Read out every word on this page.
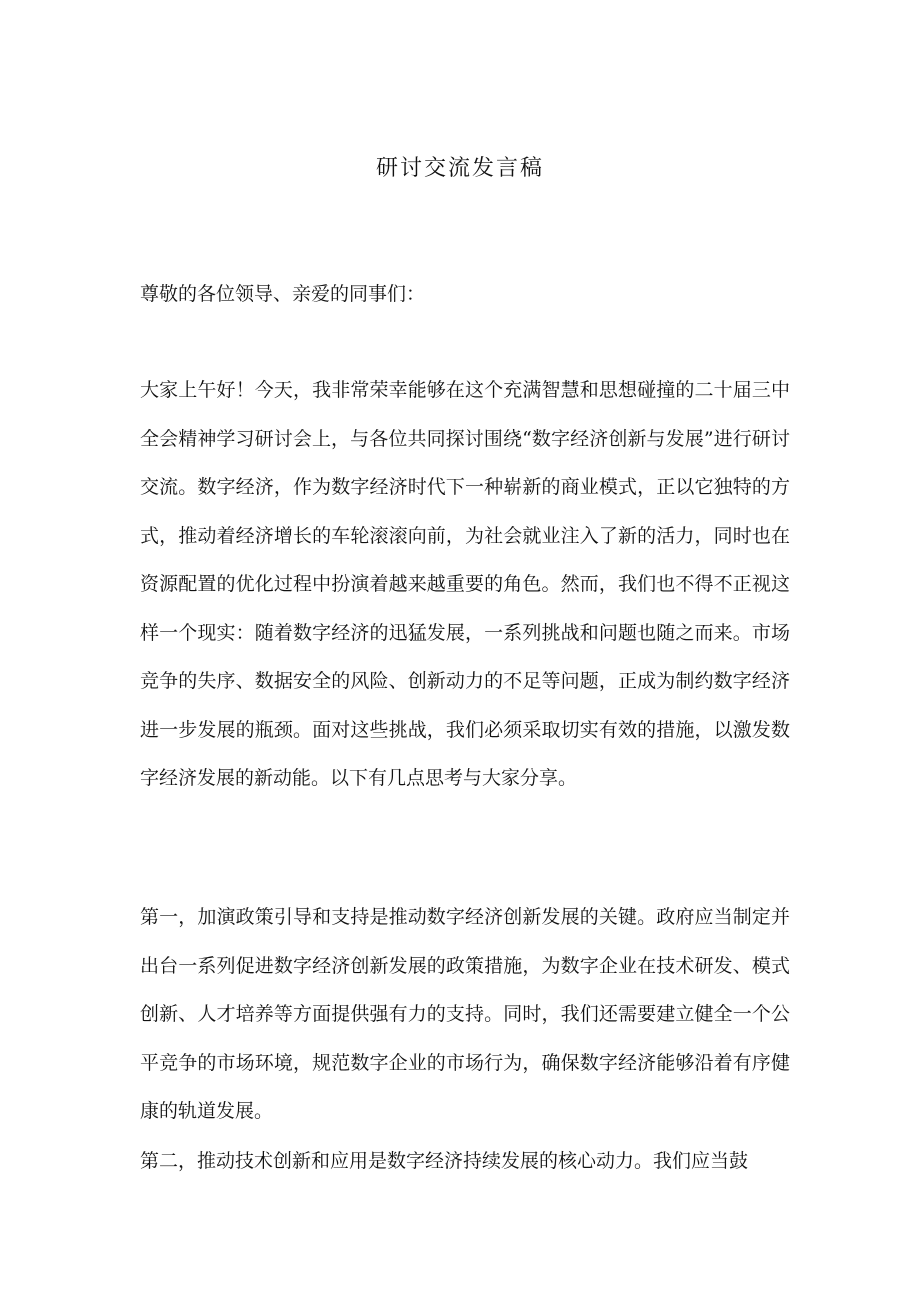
研讨交流发言稿
尊敬的各位领导、亲爱的同事们：
大家上午好！今天，我非常荣幸能够在这个充满智慧和思想碰撞的二十届三中全会精神学习研讨会上，与各位共同探讨围绕“数字经济创新与发展”进行研讨交流。数字经济，作为数字经济时代下一种崭新的商业模式，正以它独特的方式，推动着经济增长的车轮滚滚向前，为社会就业注入了新的活力，同时也在资源配置的优化过程中扮演着越来越重要的角色。然而，我们也不得不正视这样一个现实：随着数字经济的迅猛发展，一系列挑战和问题也随之而来。市场竞争的失序、数据安全的风险、创新动力的不足等问题，正成为制约数字经济进一步发展的瓶颈。面对这些挑战，我们必须采取切实有效的措施，以激发数字经济发展的新动能。以下有几点思考与大家分享。
第一，加演政策引导和支持是推动数字经济创新发展的关键。政府应当制定并出台一系列促进数字经济创新发展的政策措施，为数字企业在技术研发、模式创新、人才培养等方面提供强有力的支持。同时，我们还需要建立健全一个公平竞争的市场环境，规范数字企业的市场行为，确保数字经济能够沿着有序健康的轨道发展。
第二，推动技术创新和应用是数字经济持续发展的核心动力。我们应当鼓
